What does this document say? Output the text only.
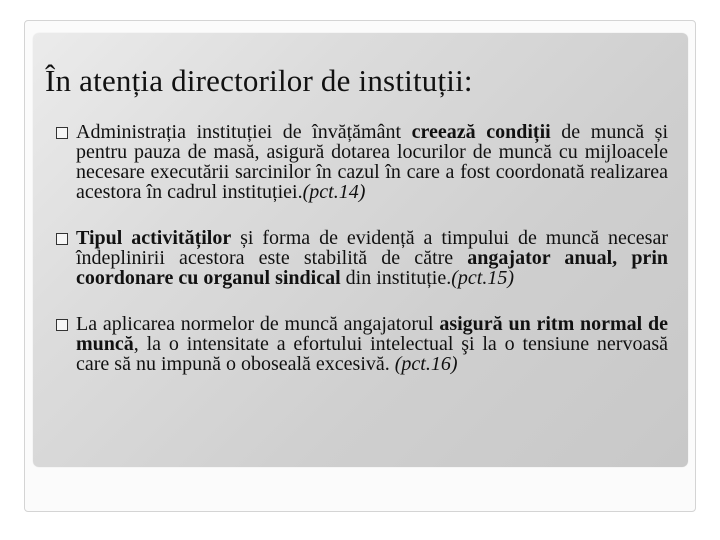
În atenția directorilor de instituții:
Administrația instituției de învățământ creează condiții de muncă și pentru pauza de masă, asigură dotarea locurilor de muncă cu mijloacele necesare executării sarcinilor în cazul în care a fost coordonată realizarea acestora în cadrul instituției.(pct.14)
Tipul activităților și forma de evidență a timpului de muncă necesar îndeplinirii acestora este stabilită de către angajator anual, prin coordonare cu organul sindical din instituție.(pct.15)
La aplicarea normelor de muncă angajatorul asigură un ritm normal de muncă, la o intensitate a efortului intelectual şi la o tensiune nervoasă care să nu impună o oboseală excesivă. (pct.16)
